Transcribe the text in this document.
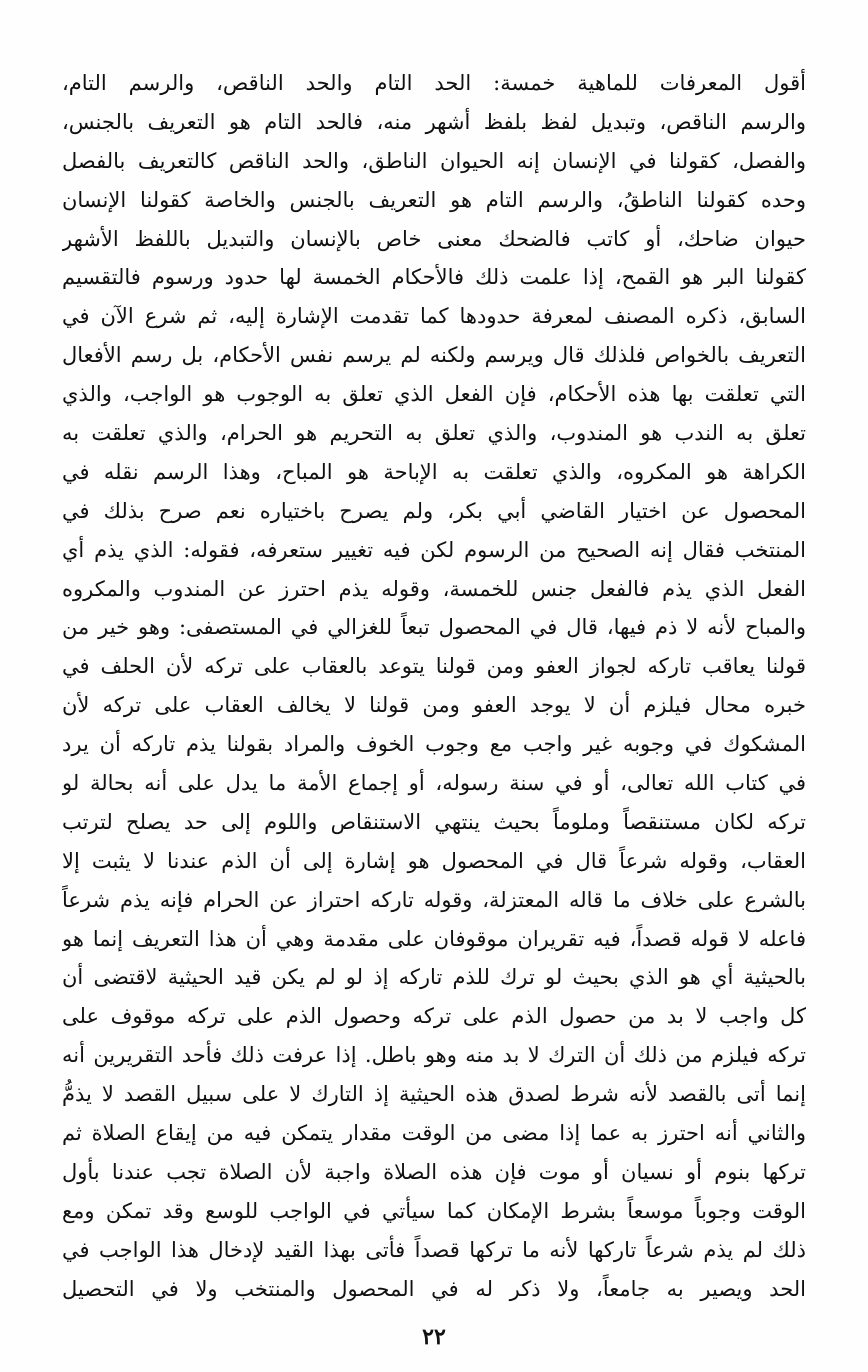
أقول المعرفات للماهية خمسة: الحد التام والحد الناقص، والرسم التام،
والرسم الناقص، وتبديل لفظ بلفظ أشهر منه، فالحد التام هو التعريف بالجنس،
والفصل، كقولنا في الإنسان إنه الحيوان الناطق، والحد الناقص كالتعريف بالفصل
وحده كقولنا الناطقُ، والرسم التام هو التعريف بالجنس والخاصة كقولنا الإنسان
حيوان ضاحك، أو كاتب فالضحك معنى خاص بالإنسان والتبديل باللفظ الأشهر
كقولنا البر هو القمح، إذا علمت ذلك فالأحكام الخمسة لها حدود ورسوم فالتقسيم
السابق، ذكره المصنف لمعرفة حدودها كما تقدمت الإشارة إليه، ثم شرع الآن في
التعريف بالخواص فلذلك قال ويرسم ولكنه لم يرسم نفس الأحكام، بل رسم الأفعال
التي تعلقت بها هذه الأحكام، فإن الفعل الذي تعلق به الوجوب هو الواجب، والذي
تعلق به الندب هو المندوب، والذي تعلق به التحريم هو الحرام، والذي تعلقت به
الكراهة هو المكروه، والذي تعلقت به الإباحة هو المباح، وهذا الرسم نقله في
المحصول عن اختيار القاضي أبي بكر، ولم يصرح باختياره نعم صرح بذلك في
المنتخب فقال إنه الصحيح من الرسوم لكن فيه تغيير ستعرفه، فقوله: الذي يذم أي
الفعل الذي يذم فالفعل جنس للخمسة، وقوله يذم احترز عن المندوب والمكروه
والمباح لأنه لا ذم فيها، قال في المحصول تبعاً للغزالي في المستصفى: وهو خير من
قولنا يعاقب تاركه لجواز العفو ومن قولنا يتوعد بالعقاب على تركه لأن الحلف في
خبره محال فيلزم أن لا يوجد العفو ومن قولنا لا يخالف العقاب على تركه لأن
المشكوك في وجوبه غير واجب مع وجوب الخوف والمراد بقولنا يذم تاركه أن يرد
في كتاب الله تعالى، أو في سنة رسوله، أو إجماع الأمة ما يدل على أنه بحالة لو
تركه لكان مستنقصاً وملوماً بحيث ينتهي الاستنقاص واللوم إلى حد يصلح لترتب
العقاب، وقوله شرعاً قال في المحصول هو إشارة إلى أن الذم عندنا لا يثبت إلا
بالشرع على خلاف ما قاله المعتزلة، وقوله تاركه احتراز عن الحرام فإنه يذم شرعاً
فاعله لا قوله قصداً، فيه تقريران موقوفان على مقدمة وهي أن هذا التعريف إنما هو
بالحيثية أي هو الذي بحيث لو ترك للذم تاركه إذ لو لم يكن قيد الحيثية لاقتضى أن
كل واجب لا بد من حصول الذم على تركه وحصول الذم على تركه موقوف على
تركه فيلزم من ذلك أن الترك لا بد منه وهو باطل. إذا عرفت ذلك فأحد التقريرين أنه
إنما أتى بالقصد لأنه شرط لصدق هذه الحيثية إذ التارك لا على سبيل القصد لا يذمُّ
والثاني أنه احترز به عما إذا مضى من الوقت مقدار يتمكن فيه من إيقاع الصلاة ثم
تركها بنوم أو نسيان أو موت فإن هذه الصلاة واجبة لأن الصلاة تجب عندنا بأول
الوقت وجوباً موسعاً بشرط الإمكان كما سيأتي في الواجب للوسع وقد تمكن ومع
ذلك لم يذم شرعاً تاركها لأنه ما تركها قصداً فأتى بهذا القيد لإدخال هذا الواجب في
الحد ويصير به جامعاً، ولا ذكر له في المحصول والمنتخب ولا في التحصيل
٢٢
